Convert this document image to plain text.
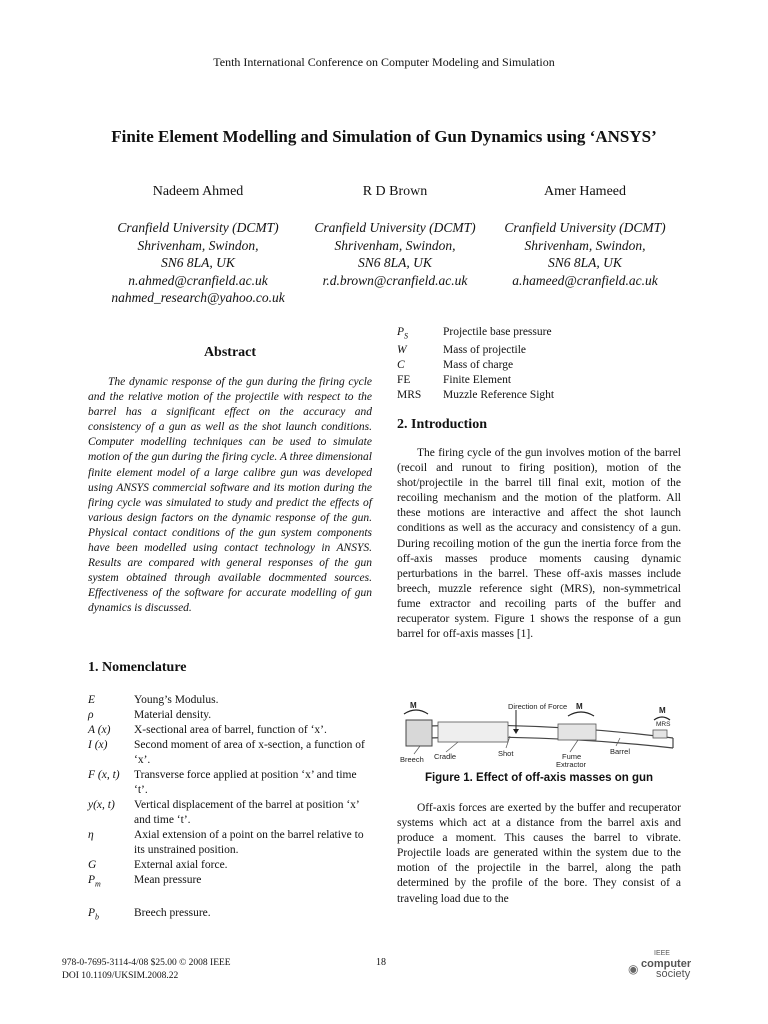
Tenth International Conference on Computer Modeling and Simulation
Finite Element Modelling and Simulation of Gun Dynamics using ‘ANSYS’
Nadeem Ahmed	R D Brown	Amer Hameed
Cranfield University (DCMT)
Shrivenham, Swindon,
SN6 8LA, UK
n.ahmed@cranfield.ac.uk
nahmed_research@yahoo.co.uk
Cranfield University (DCMT)
Shrivenham, Swindon,
SN6 8LA, UK
r.d.brown@cranfield.ac.uk
Cranfield University (DCMT)
Shrivenham, Swindon,
SN6 8LA, UK
a.hameed@cranfield.ac.uk
Abstract
The dynamic response of the gun during the firing cycle and the relative motion of the projectile with respect to the barrel has a significant effect on the accuracy and consistency of a gun as well as the shot launch conditions. Computer modelling techniques can be used to simulate motion of the gun during the firing cycle. A three dimensional finite element model of a large calibre gun was developed using ANSYS commercial software and its motion during the firing cycle was simulated to study and predict the effects of various design factors on the dynamic response of the gun. Physical contact conditions of the gun system components have been modelled using contact technology in ANSYS. Results are compared with general responses of the gun system obtained through available docmmented sources. Effectiveness of the software for accurate modelling of gun dynamics is discussed.
1. Nomenclature
E	Young’s Modulus.
ρ	Material density.
A (x)	X-sectional area of barrel, function of ‘x’.
I (x)	Second moment of area of x-section, a function of ‘x’.
F (x, t)	Transverse force applied at position ‘x’ and time ‘t’.
y(x, t)	Vertical displacement of the barrel at position ‘x’ and time ‘t’.
η	Axial extension of a point on the barrel relative to its unstrained position.
G	External axial force.
$P_m$	Mean pressure
$P_b$	Breech pressure.
$P_S$	Projectile base pressure
W	Mass of projectile
C	Mass of charge
FE	Finite Element
MRS	Muzzle Reference Sight
2. Introduction
The firing cycle of the gun involves motion of the barrel (recoil and runout to firing position), motion of the shot/projectile in the barrel till final exit, motion of the recoiling mechanism and the motion of the platform. All these motions are interactive and affect the shot launch conditions as well as the accuracy and consistency of a gun. During recoiling motion of the gun the inertia force from the off-axis masses produce moments causing dynamic perturbations in the barrel. These off-axis masses include breech, muzzle reference sight (MRS), non-symmetrical fume extractor and recoiling parts of the buffer and recuperator system. Figure 1 shows the response of a gun barrel for off-axis masses [1].
Direction of Force
M	M	M
MRS
Breech Cradle	Shot	Fume
Extractor
Barrel
Figure 1. Effect of off-axis masses on gun
Off-axis forces are exerted by the buffer and recuperator systems which act at a distance from the barrel axis and produce a moment. This causes the barrel to vibrate. Projectile loads are generated within the system due to the motion of the projectile in the barrel, along the path determined by the profile of the bore. They consist of a traveling load due to the
978-0-7695-3114-4/08 $25.00 © 2008 IEEE
DOI 10.1109/UKSIM.2008.22
18	◉
IEEE
computer
society
